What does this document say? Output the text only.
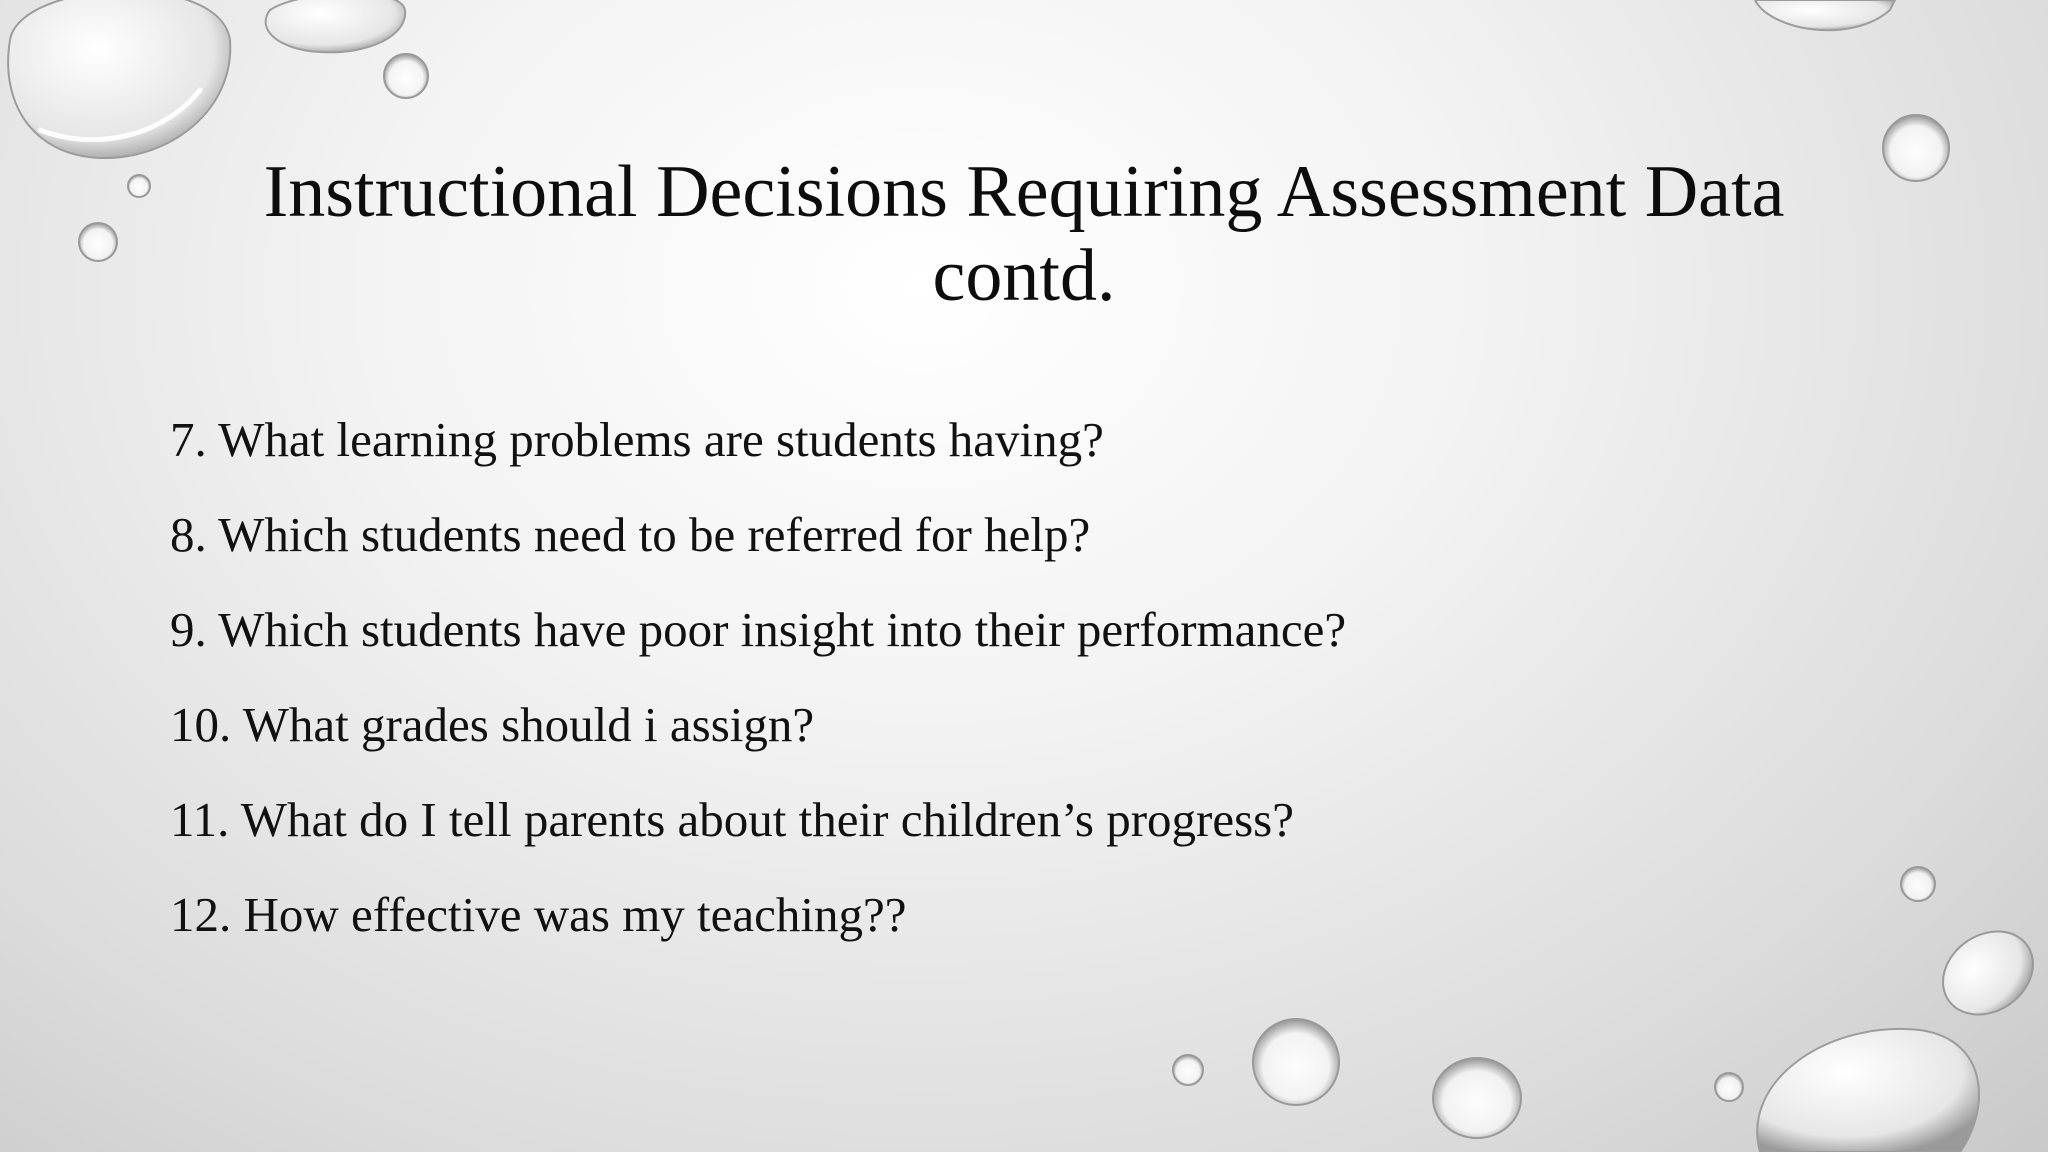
Instructional Decisions Requiring Assessment Data
contd.
7. What learning problems are students having?
8. Which students need to be referred for help?
9. Which students have poor insight into their performance?
10. What grades should i assign?
11. What do I tell parents about their children’s progress?
12. How effective was my teaching??
